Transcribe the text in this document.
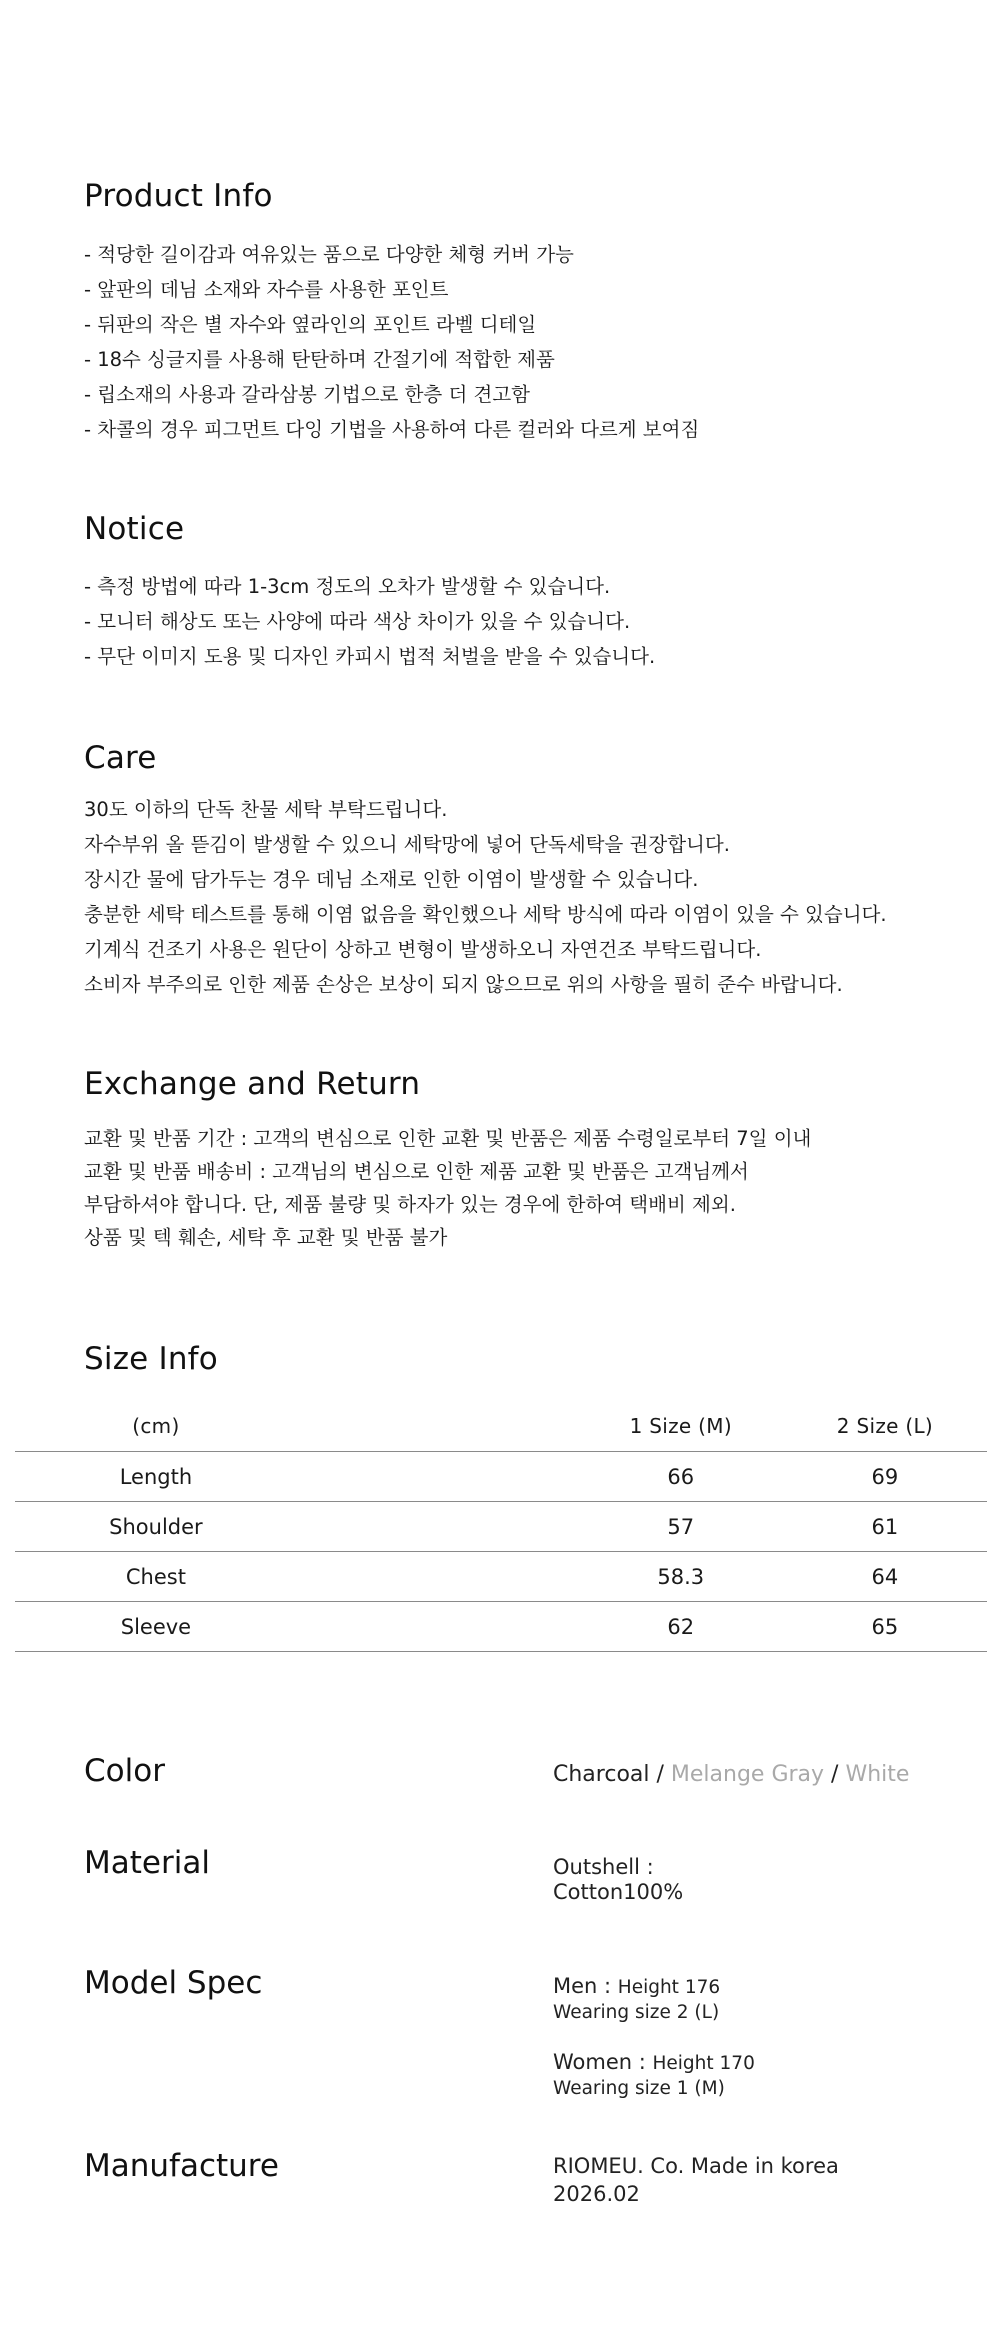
Product Info
- 적당한 길이감과 여유있는 품으로 다양한 체형 커버 가능
- 앞판의 데님 소재와 자수를 사용한 포인트
- 뒤판의 작은 별 자수와 옆라인의 포인트 라벨 디테일
- 18수 싱글지를 사용해 탄탄하며 간절기에 적합한 제품
- 립소재의 사용과 갈라삼봉 기법으로 한층 더 견고함
- 차콜의 경우 피그먼트 다잉 기법을 사용하여 다른 컬러와 다르게 보여짐
Notice
- 측정 방법에 따라 1-3cm 정도의 오차가 발생할 수 있습니다.
- 모니터 해상도 또는 사양에 따라 색상 차이가 있을 수 있습니다.
- 무단 이미지 도용 및 디자인 카피시 법적 처벌을 받을 수 있습니다.
Care
30도 이하의 단독 찬물 세탁 부탁드립니다.
자수부위 올 뜯김이 발생할 수 있으니 세탁망에 넣어 단독세탁을 권장합니다.
장시간 물에 담가두는 경우 데님 소재로 인한 이염이 발생할 수 있습니다.
충분한 세탁 테스트를 통해 이염 없음을 확인했으나 세탁 방식에 따라 이염이 있을 수 있습니다.
기계식 건조기 사용은 원단이 상하고 변형이 발생하오니 자연건조 부탁드립니다.
소비자 부주의로 인한 제품 손상은 보상이 되지 않으므로 위의 사항을 필히 준수 바랍니다.
Exchange and Return
교환 및 반품 기간 : 고객의 변심으로 인한 교환 및 반품은 제품 수령일로부터 7일 이내
교환 및 반품 배송비 : 고객님의 변심으로 인한 제품 교환 및 반품은 고객님께서
부담하셔야 합니다. 단, 제품 불량 및 하자가 있는 경우에 한하여 택배비 제외.
상품 및 텍 훼손, 세탁 후 교환 및 반품 불가
Size Info
(cm)	1 Size (M)	2 Size (L)
Length	66	69
Shoulder	57	61
Chest	58.3	64
Sleeve	62	65
Color	Charcoal / Melange Gray / White
Material	Outshell :
Cotton100%
Model Spec	Men : Height 176
Wearing size 2 (L)
Women : Height 170
Wearing size 1 (M)
Manufacture	RIOMEU. Co. Made in korea
2026.02
